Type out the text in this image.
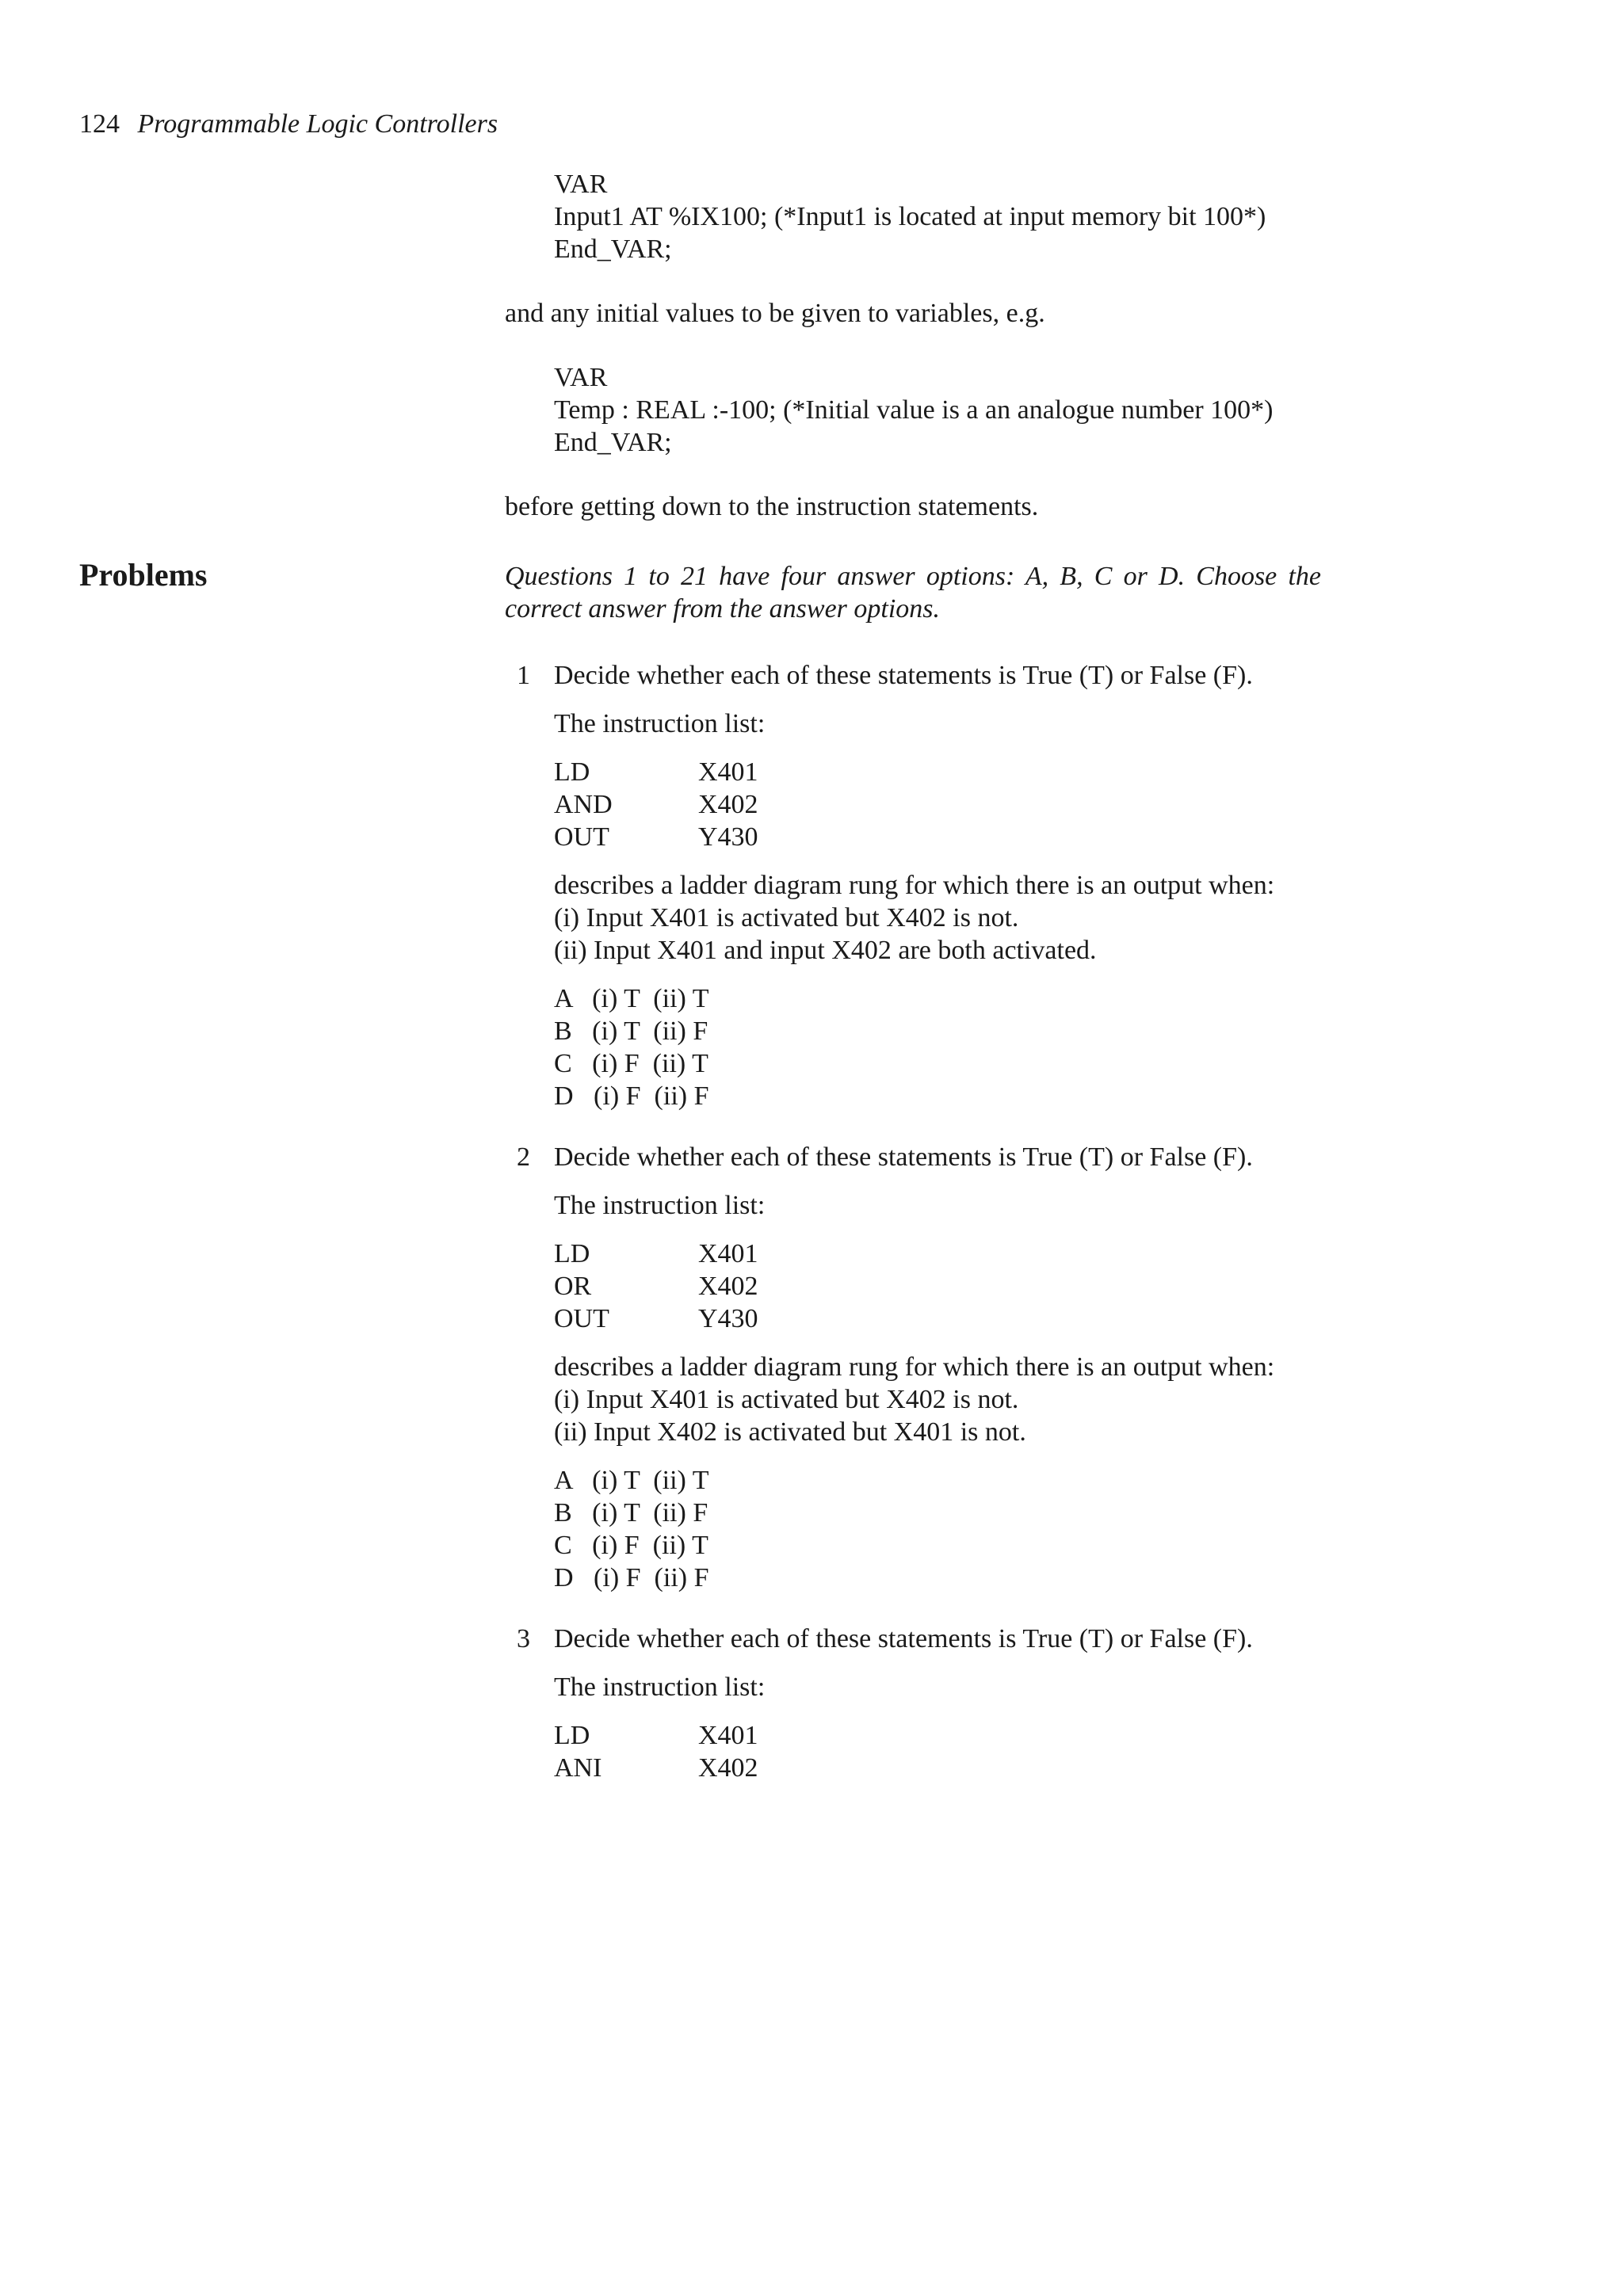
124 Programmable Logic Controllers
Problems
VAR
Input1 AT %IX100; (*Input1 is located at input memory bit 100*)
End_VAR;
and any initial values to be given to variables, e.g.
VAR
Temp : REAL :-100; (*Initial value is a an analogue number 100*)
End_VAR;
before getting down to the instruction statements.
Questions 1 to 21 have four answer options: A, B, C or D. Choose the correct answer from the answer options.
1 Decide whether each of these statements is True (T) or False (F).
The instruction list:
LD	X401
AND	X402
OUT	Y430
describes a ladder diagram rung for which there is an output when:
(i) Input X401 is activated but X402 is not.
(ii) Input X401 and input X402 are both activated.
A   (i) T  (ii) T
B   (i) T  (ii) F
C   (i) F  (ii) T
D   (i) F  (ii) F
2 Decide whether each of these statements is True (T) or False (F).
The instruction list:
LD	X401
OR	X402
OUT	Y430
describes a ladder diagram rung for which there is an output when:
(i) Input X401 is activated but X402 is not.
(ii) Input X402 is activated but X401 is not.
A   (i) T  (ii) T
B   (i) T  (ii) F
C   (i) F  (ii) T
D   (i) F  (ii) F
3 Decide whether each of these statements is True (T) or False (F).
The instruction list:
LD	X401
ANI	X402
